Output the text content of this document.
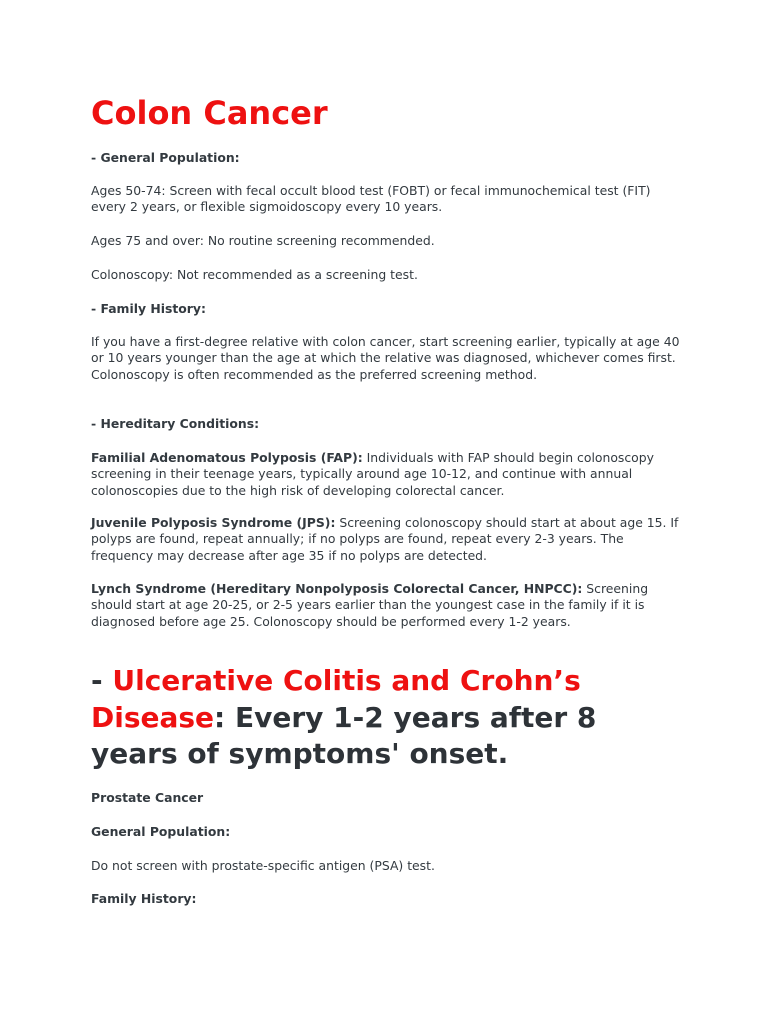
Colon Cancer

- General Population:

Ages 50-74: Screen with fecal occult blood test (FOBT) or fecal immunochemical test (FIT) every 2 years, or flexible sigmoidoscopy every 10 years.

Ages 75 and over: No routine screening recommended.

Colonoscopy: Not recommended as a screening test.

- Family History:

If you have a first-degree relative with colon cancer, start screening earlier, typically at age 40 or 10 years younger than the age at which the relative was diagnosed, whichever comes first. Colonoscopy is often recommended as the preferred screening method.

- Hereditary Conditions:

Familial Adenomatous Polyposis (FAP): Individuals with FAP should begin colonoscopy screening in their teenage years, typically around age 10-12, and continue with annual colonoscopies due to the high risk of developing colorectal cancer.

Juvenile Polyposis Syndrome (JPS): Screening colonoscopy should start at about age 15. If polyps are found, repeat annually; if no polyps are found, repeat every 2-3 years. The frequency may decrease after age 35 if no polyps are detected.

Lynch Syndrome (Hereditary Nonpolyposis Colorectal Cancer, HNPCC): Screening should start at age 20-25, or 2-5 years earlier than the youngest case in the family if it is diagnosed before age 25. Colonoscopy should be performed every 1-2 years.

- Ulcerative Colitis and Crohn’s Disease: Every 1-2 years after 8 years of symptoms' onset.

Prostate Cancer

General Population:

Do not screen with prostate-specific antigen (PSA) test.

Family History:
